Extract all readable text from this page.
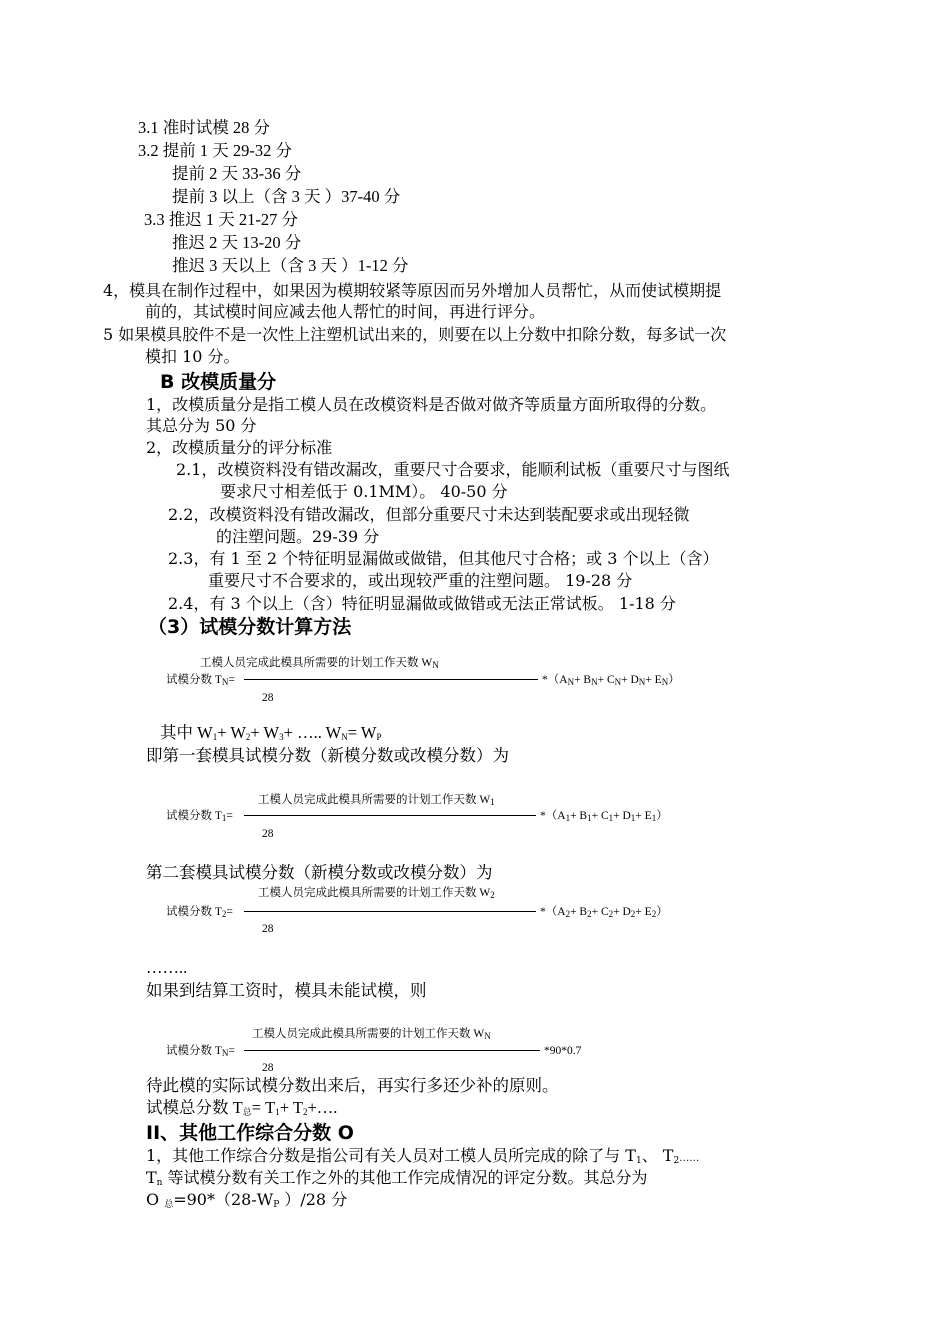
3.1 准时试模 28 分
3.2 提前 1 天 29-32 分
提前 2 天 33-36 分
提前 3 以上（含 3 天 ）37-40 分
3.3 推迟 1 天 21-27 分
推迟 2 天 13-20 分
推迟 3 天以上（含 3 天 ）1-12 分
4，模具在制作过程中，如果因为模期较紧等原因而另外增加人员帮忙，从而使试模期提
前的，其试模时间应减去他人帮忙的时间，再进行评分。
5 如果模具胶件不是一次性上注塑机试出来的，则要在以上分数中扣除分数，每多试一次
模扣 10 分。
B 改模质量分
1，改模质量分是指工模人员在改模资料是否做对做齐等质量方面所取得的分数。
其总分为 50 分
2，改模质量分的评分标准
2.1，改模资料没有错改漏改，重要尺寸合要求，能顺利试板（重要尺寸与图纸
要求尺寸相差低于 0.1MM）。 40-50 分
2.2，改模资料没有错改漏改，但部分重要尺寸未达到装配要求或出现轻微
的注塑问题。29-39 分
2.3，有 1 至 2 个特征明显漏做或做错，但其他尺寸合格；或 3 个以上（含）
重要尺寸不合要求的，或出现较严重的注塑问题。 19-28 分
2.4，有 3 个以上（含）特征明显漏做或做错或无法正常试板。 1-18 分
（3）试模分数计算方法
工模人员完成此模具所需要的计划工作天数 $W_N$
试模分数 $T_N=$	$*(A_N+ B_N+ C_N+ D_N+ E_N)$
28
其中 $W_1+ W_2+ W_3+$ ….. $W_N= W_P$
即第一套模具试模分数（新模分数或改模分数）为
工模人员完成此模具所需要的计划工作天数 $W_1$
试模分数 $T_1=$	$*(A_1+ B_1+ C_1+ D_1+ E_1)$
28
第二套模具试模分数（新模分数或改模分数）为
工模人员完成此模具所需要的计划工作天数 $W_2$
试模分数 $T_2=$	$*(A_2+ B_2+ C_2+ D_2+ E_2)$
28
……..
如果到结算工资时，模具未能试模，则
工模人员完成此模具所需要的计划工作天数 $W_N$
试模分数 $T_N=$	*90*0.7
28
待此模的实际试模分数出来后，再实行多还少补的原则。
试模总分数 $T_总= T_1+$ $T_2+\dots$.
II、其他工作综合分数 O
1，其他工作综合分数是指公司有关人员对工模人员所完成的除了与 $T_1$、 $T_2\dots\dots$
$T_n$ 等试模分数有关工作之外的其他工作完成情况的评定分数。其总分为
O $_总=90*(28-W_P$ ）/28 分
